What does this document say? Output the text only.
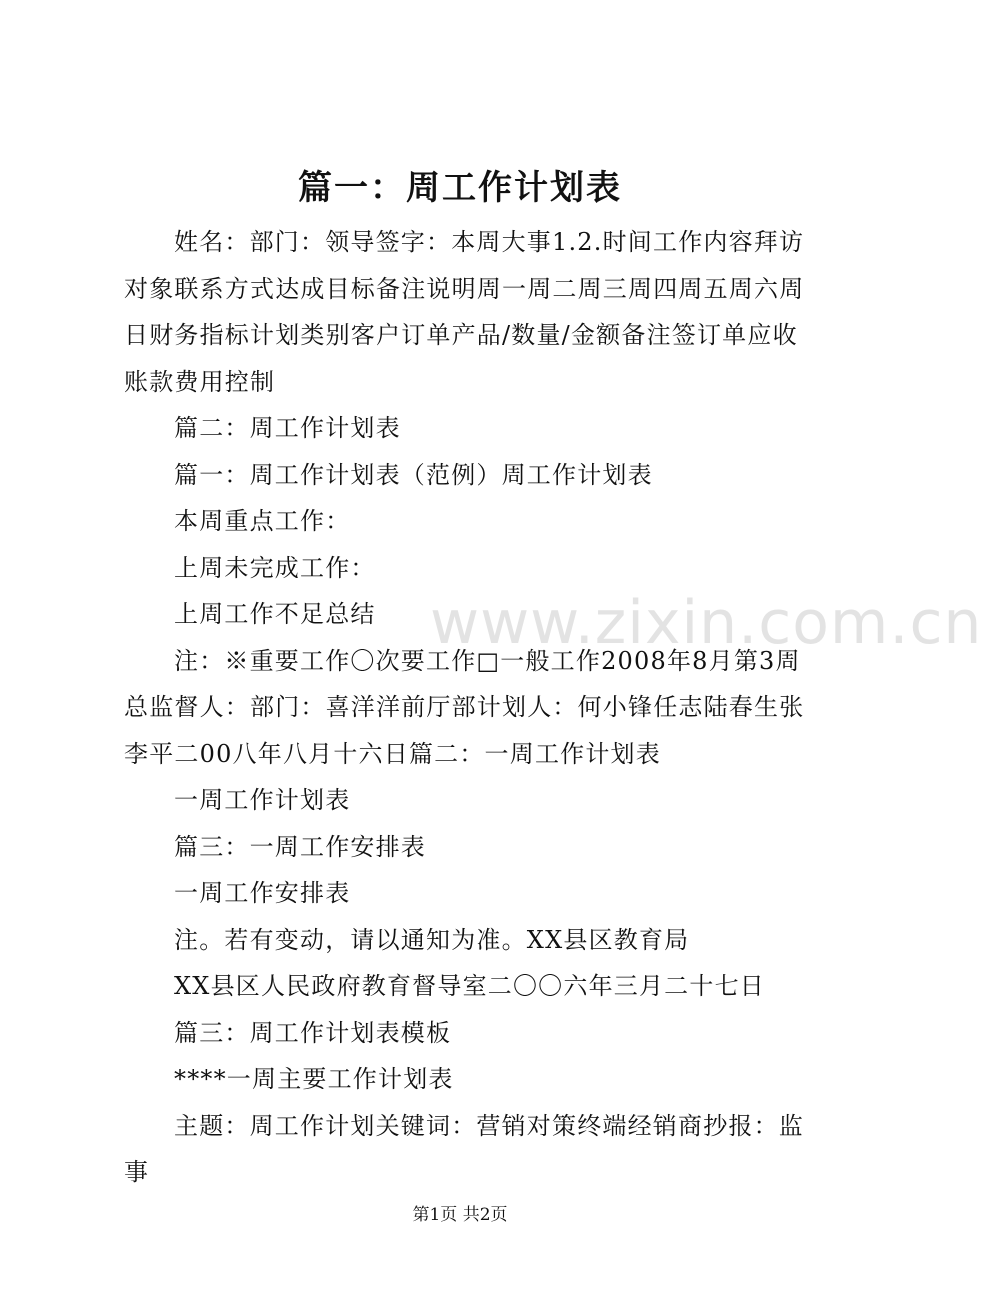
篇一：周工作计划表

姓名：部门：领导签字：本周大事1.2.时间工作内容拜访对象联系方式达成目标备注说明周一周二周三周四周五周六周日财务指标计划类别客户订单产品/数量/金额备注签订单应收账款费用控制

篇二：周工作计划表

篇一：周工作计划表（范例）周工作计划表

本周重点工作：

上周未完成工作：

上周工作不足总结

注：※重要工作〇次要工作□一般工作2008年8月第3周总监督人：部门：喜洋洋前厅部计划人：何小锋任志陆春生张李平二00八年八月十六日篇二：一周工作计划表

一周工作计划表

篇三：一周工作安排表

一周工作安排表

注。若有变动，请以通知为准。XX县区教育局

XX县区人民政府教育督导室二〇〇六年三月二十七日

篇三：周工作计划表模板

****一周主要工作计划表

主题：周工作计划关键词：营销对策终端经销商抄报：监事

www.zixin.com.cn
第1页 共2页
